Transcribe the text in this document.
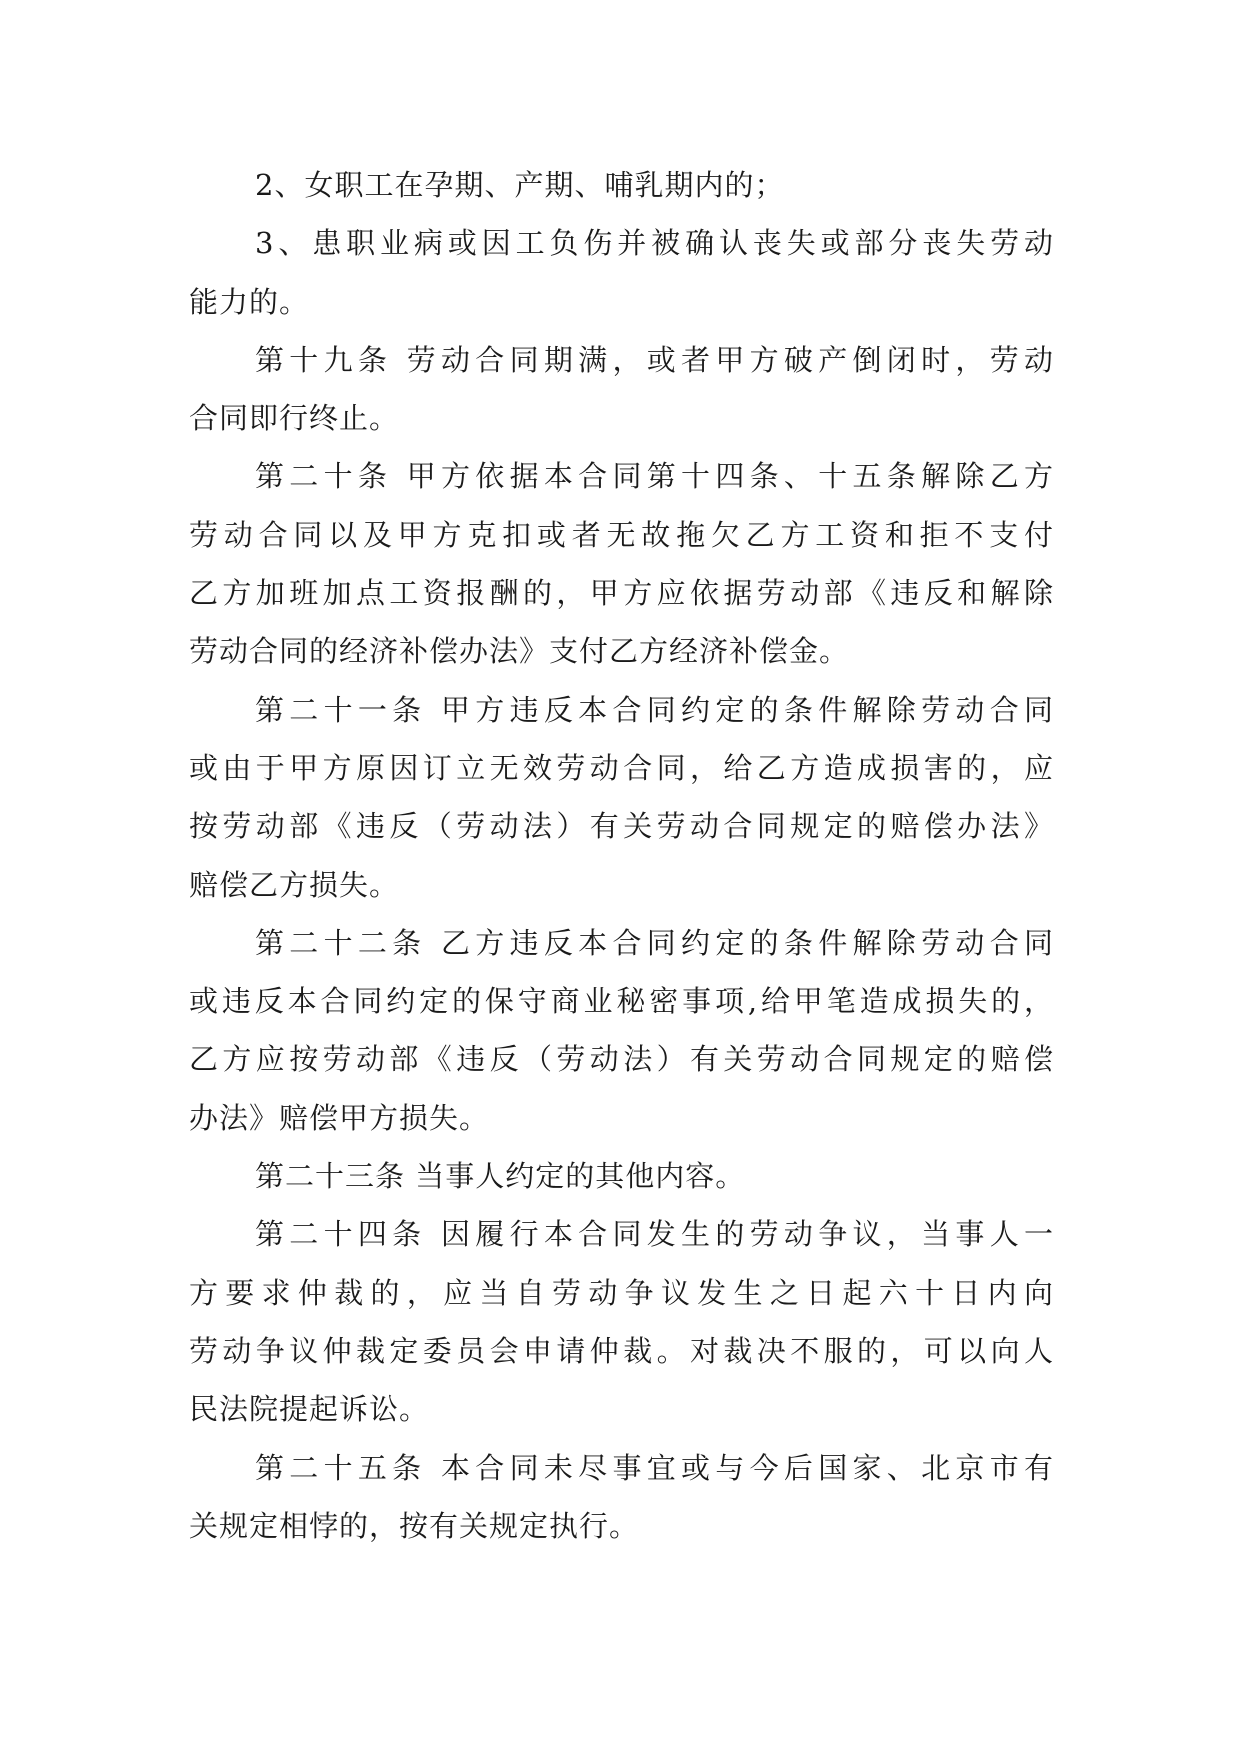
2、女职工在孕期、产期、哺乳期内的；
3、患职业病或因工负伤并被确认丧失或部分丧失劳动
能力的。
第十九条 劳动合同期满，或者甲方破产倒闭时，劳动
合同即行终止。
第二十条 甲方依据本合同第十四条、十五条解除乙方
劳动合同以及甲方克扣或者无故拖欠乙方工资和拒不支付
乙方加班加点工资报酬的，甲方应依据劳动部《违反和解除
劳动合同的经济补偿办法》支付乙方经济补偿金。
第二十一条 甲方违反本合同约定的条件解除劳动合同
或由于甲方原因订立无效劳动合同，给乙方造成损害的，应
按劳动部《违反（劳动法）有关劳动合同规定的赔偿办法》
赔偿乙方损失。
第二十二条 乙方违反本合同约定的条件解除劳动合同
或违反本合同约定的保守商业秘密事项,给甲笔造成损失的，
乙方应按劳动部《违反（劳动法）有关劳动合同规定的赔偿
办法》赔偿甲方损失。
第二十三条 当事人约定的其他内容。
第二十四条 因履行本合同发生的劳动争议，当事人一
方要求仲裁的，应当自劳动争议发生之日起六十日内向
劳动争议仲裁定委员会申请仲裁。对裁决不服的，可以向人
民法院提起诉讼。
第二十五条 本合同未尽事宜或与今后国家、北京市有
关规定相悖的，按有关规定执行。
